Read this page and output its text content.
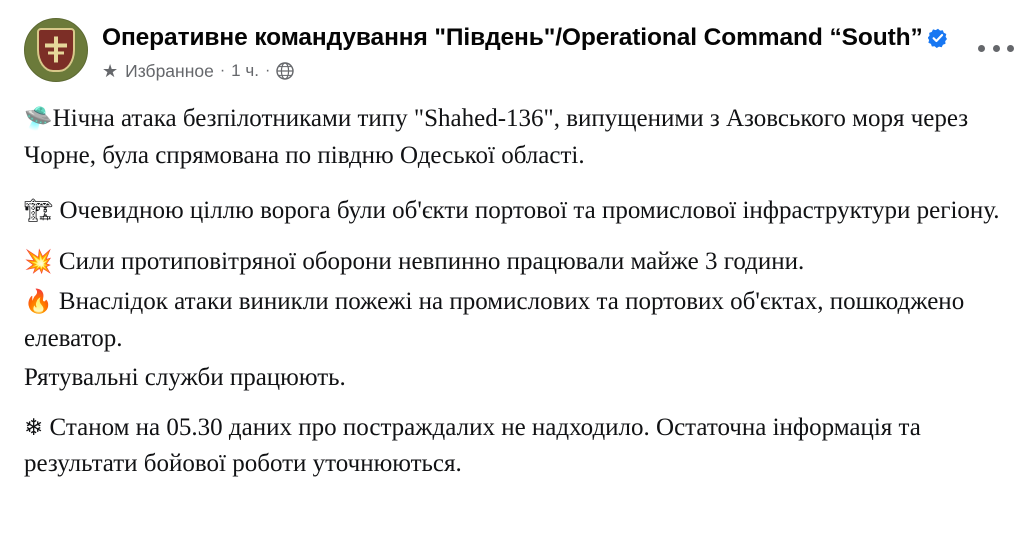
Оперативне командування "Південь"/Operational Command “South”
★ Избранное · 1 ч. ·

🛸Нічна атака безпілотниками типу "Shahed-136", випущеними з Азовського моря через Чорне, була спрямована по півдню Одеської області.

🏗 Очевидною ціллю ворога були об'єкти портової та промислової інфраструктури регіону.

💥 Сили протиповітряної оборони невпинно працювали майже 3 години.

🔥 Внаслідок атаки виникли пожежі на промислових та портових об'єктах, пошкоджено елеватор.

Рятувальні служби працюють.

❄ Станом на 05.30 даних про постраждалих не надходило. Остаточна інформація та результати бойової роботи уточнюються.
